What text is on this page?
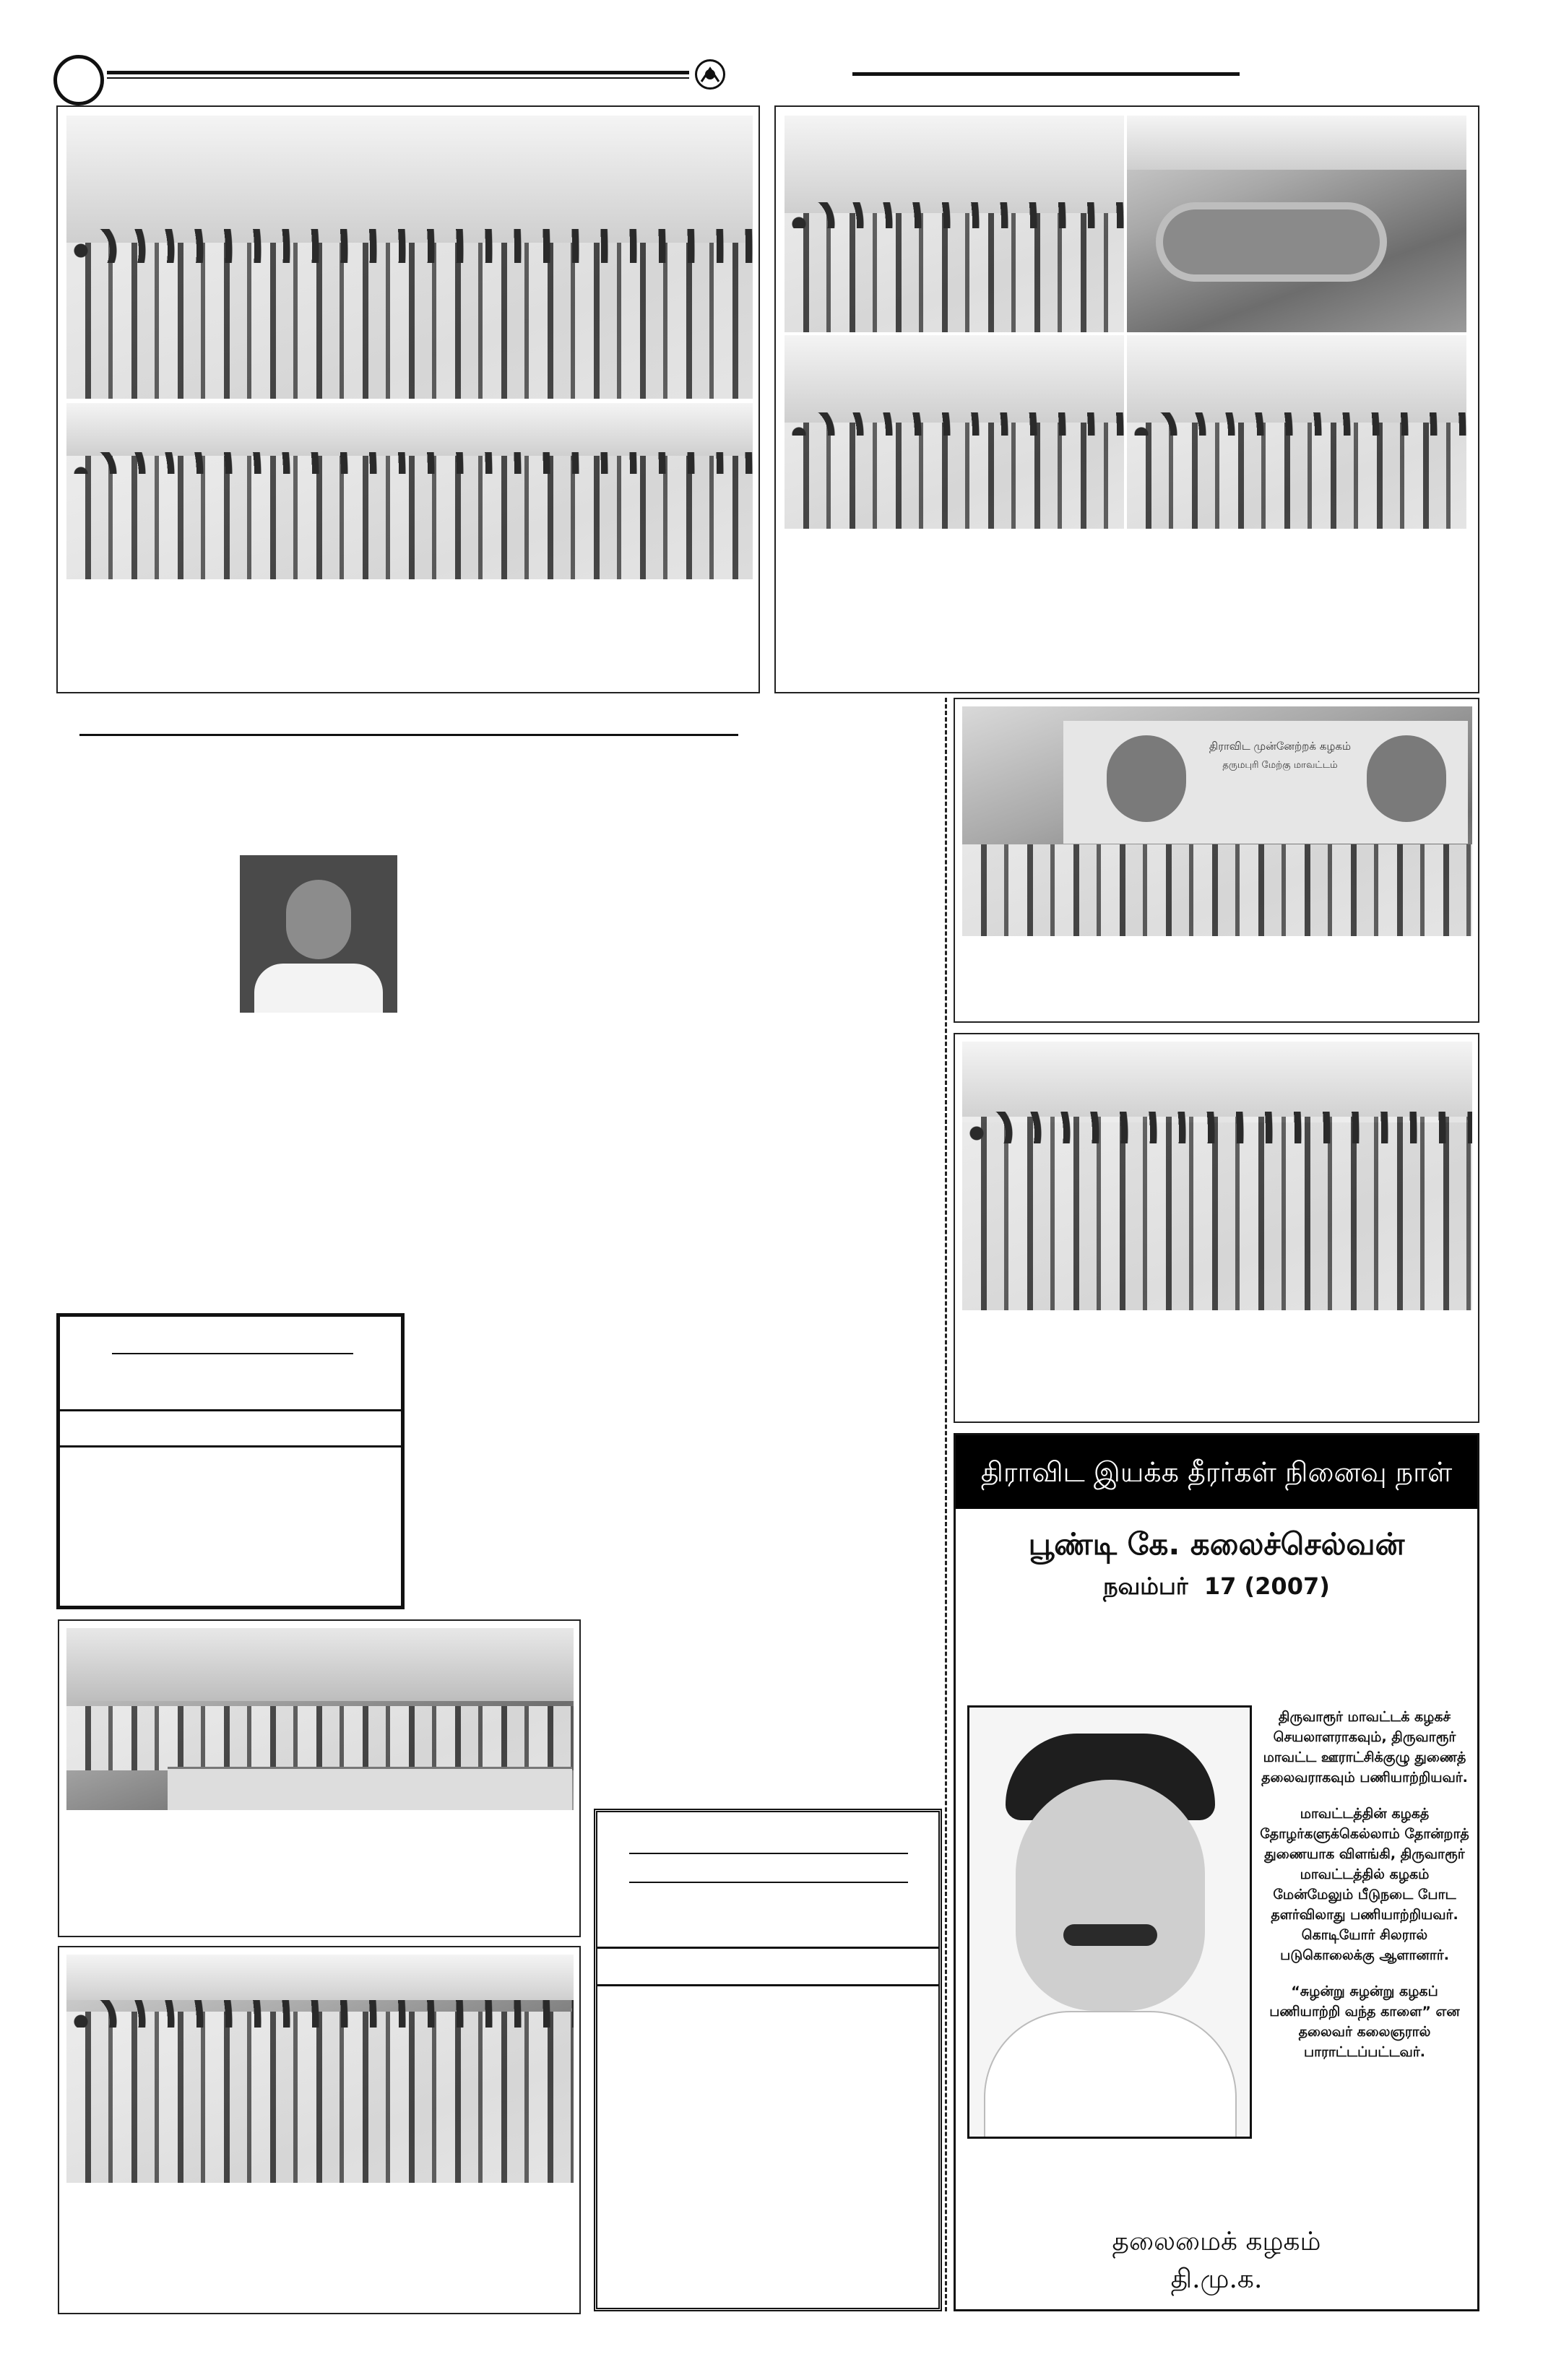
திராவிட முன்னேற்றக் கழகம்
தருமபுரி மேற்கு மாவட்டம்
திராவிட இயக்க தீரர்கள் நினைவு நாள்
பூண்டி கே. கலைச்செல்வன்
நவம்பர்  17 (2007)

திருவாரூர் மாவட்டக் கழகச் செயலாளராகவும், திருவாரூர் மாவட்ட ஊராட்சிக்குழு துணைத் தலைவராகவும் பணியாற்றியவர்.

மாவட்டத்தின் கழகத் தோழர்களுக்கெல்லாம் தோன்றாத் துணையாக விளங்கி, திருவாரூர் மாவட்டத்தில் கழகம் மேன்மேலும் பீடுநடை போட தளர்விலாது பணியாற்றியவர். கொடியோர் சிலரால் படுகொலைக்கு ஆளானார்.

“சுழன்று சுழன்று கழகப் பணியாற்றி வந்த காளை” என தலைவர் கலைஞரால் பாராட்டப்பட்டவர்.

தலைமைக் கழகம்
தி.மு.க.
